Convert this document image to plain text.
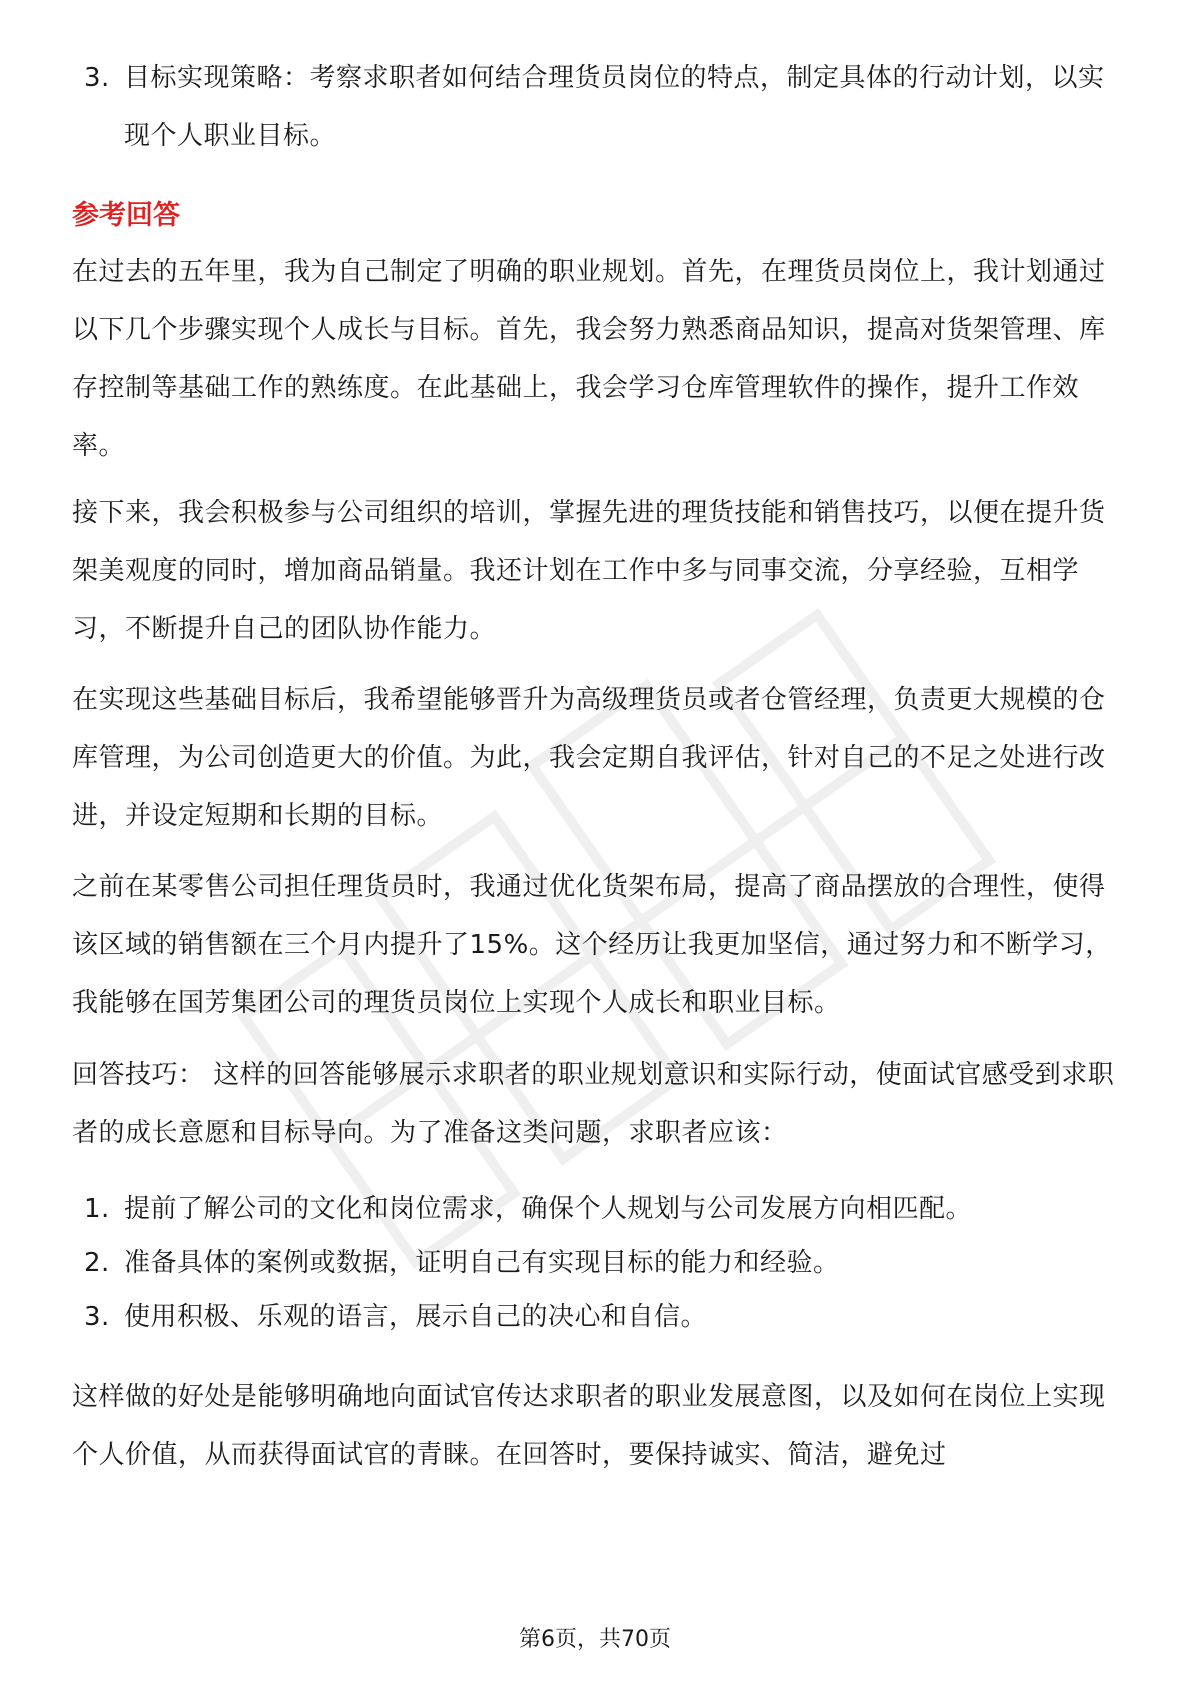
3. 目标实现策略：考察求职者如何结合理货员岗位的特点，制定具体的行动计划，以实现个人职业目标。
参考回答
在过去的五年里，我为自己制定了明确的职业规划。首先，在理货员岗位上，我计划通过以下几个步骤实现个人成长与目标。首先，我会努力熟悉商品知识，提高对货架管理、库存控制等基础工作的熟练度。在此基础上，我会学习仓库管理软件的操作，提升工作效率。
接下来，我会积极参与公司组织的培训，掌握先进的理货技能和销售技巧，以便在提升货架美观度的同时，增加商品销量。我还计划在工作中多与同事交流，分享经验，互相学习，不断提升自己的团队协作能力。
在实现这些基础目标后，我希望能够晋升为高级理货员或者仓管经理，负责更大规模的仓库管理，为公司创造更大的价值。为此，我会定期自我评估，针对自己的不足之处进行改进，并设定短期和长期的目标。
之前在某零售公司担任理货员时，我通过优化货架布局，提高了商品摆放的合理性，使得该区域的销售额在三个月内提升了15%。这个经历让我更加坚信，通过努力和不断学习，我能够在国芳集团公司的理货员岗位上实现个人成长和职业目标。
回答技巧： 这样的回答能够展示求职者的职业规划意识和实际行动，使面试官感受到求职者的成长意愿和目标导向。为了准备这类问题，求职者应该：
1. 提前了解公司的文化和岗位需求，确保个人规划与公司发展方向相匹配。
2. 准备具体的案例或数据，证明自己有实现目标的能力和经验。
3. 使用积极、乐观的语言，展示自己的决心和自信。
这样做的好处是能够明确地向面试官传达求职者的职业发展意图，以及如何在岗位上实现个人价值，从而获得面试官的青睐。在回答时，要保持诚实、简洁，避免过
第6页，共70页
